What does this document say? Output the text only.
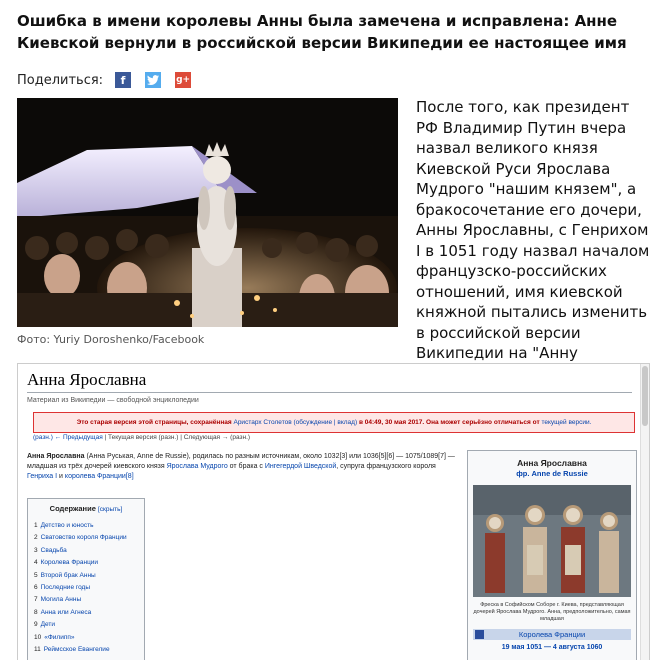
Ошибка в имени королевы Анны была замечена и исправлена: Анне Киевской вернули в российской версии Википедии ее настоящее имя
Поделиться:	f	g+
Фото: Yuriy Doroshenko/Facebook

После того, как президент РФ Владимир Путин вчера назвал великого князя Киевской Руси Ярослава Мудрого "нашим князем", а бракосочетание его дочери, Анны Ярославны, с Генрихом I в 1051 году назвал началом французско-российских отношений, имя киевской княжной пытались изменить в российской версии Википедии на "Анну

Анна Ярославна
Материал из Википедии — свободной энциклопедии
Это старая версия этой страницы, сохранённая Аристарх Столетов (обсуждение | вклад) в 04:49, 30 мая 2017. Она может серьёзно отличаться от текущей версии.
(разн.) ← Предыдущая | Текущая версия (разн.) | Следующая → (разн.)
Анна Ярославна (Анна Руськая, Anne de Russie), родилась по разным источникам, около 1032[3] или 1036[5][6] — 1075/1089[7] — младшая из трёх дочерей киевского князя Ярослава Мудрого от брака с Ингегердой Шведской, супруга французского короля Генриха I и королева Франции[8]
Содержание [скрыть]
1 Детство и юность
2 Сватовство короля Франции
3 Свадьба
4 Королева Франции
5 Второй брак Анны
6 Последние годы
7 Могила Анны
8 Анна или Агнеса
9 Дети
10 «Филипп»
11 Реймсское Евангелие
Анна Ярославна
фр. Anne de Russie
Фреска в Софийском Соборе г. Киева, представляющая дочерей Ярослава Мудрого. Анна, предположительно, самая младшая
Королева Франции
19 мая 1051 — 4 августа 1060
